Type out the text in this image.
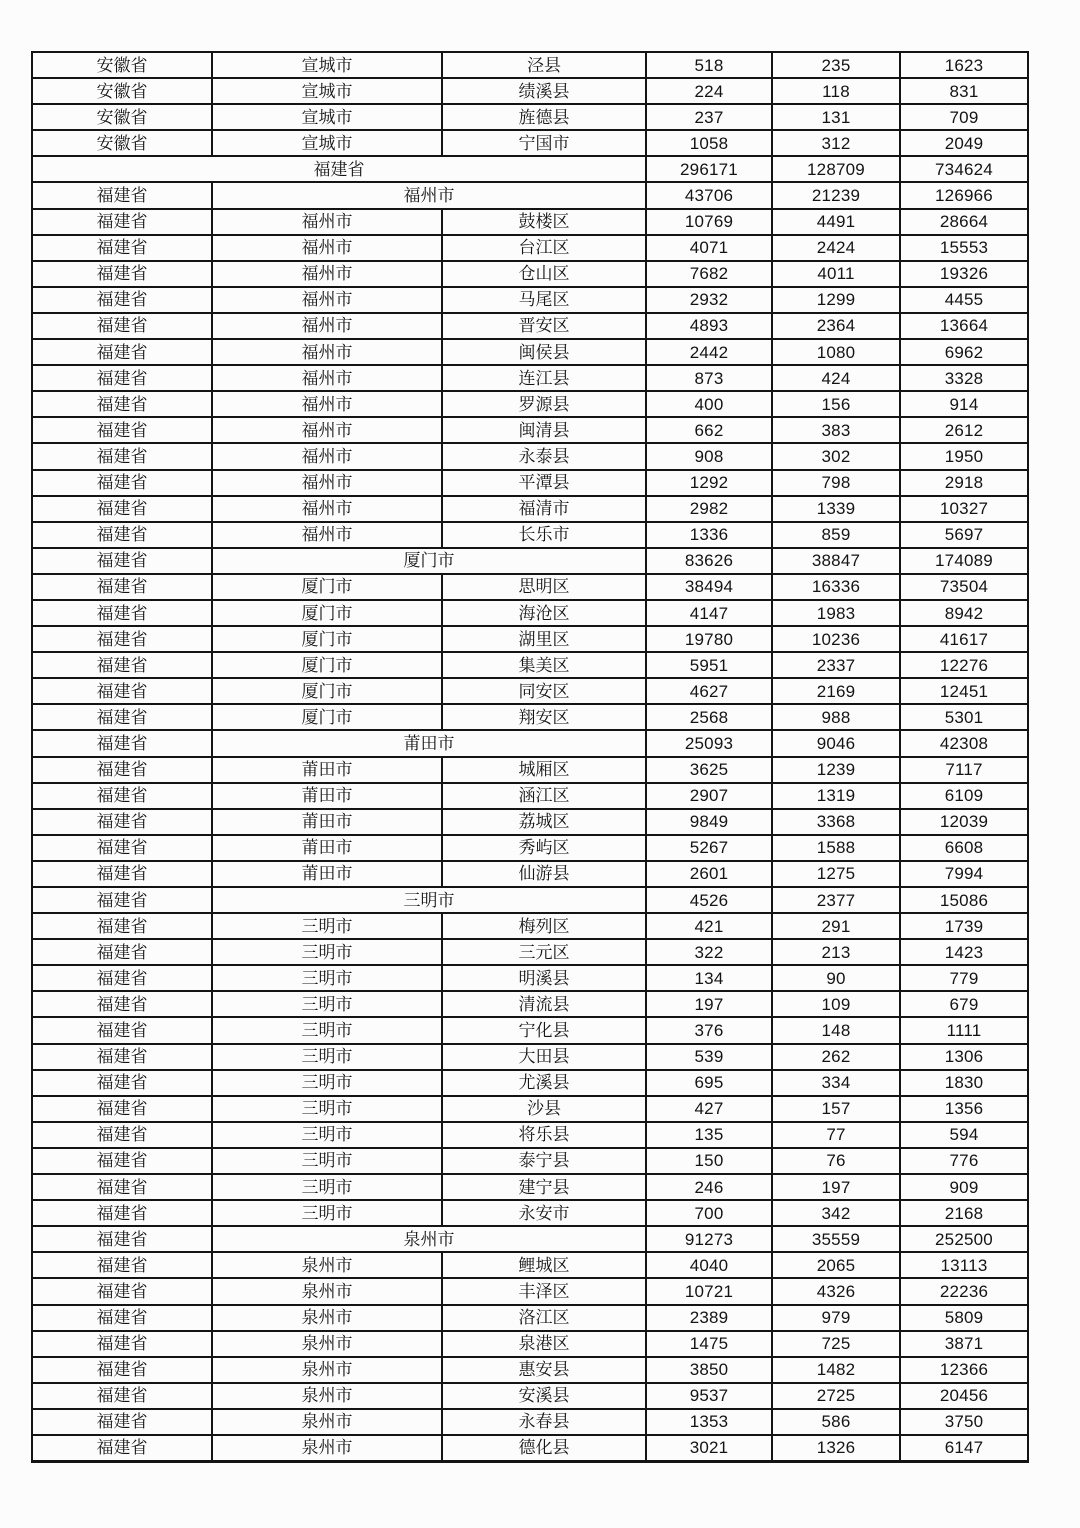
安徽省	宣城市	泾县	518	235	1623
安徽省	宣城市	绩溪县	224	118	831
安徽省	宣城市	旌德县	237	131	709
安徽省	宣城市	宁国市	1058	312	2049
福建省			296171	128709	734624
福建省	福州市		43706	21239	126966
福建省	福州市	鼓楼区	10769	4491	28664
福建省	福州市	台江区	4071	2424	15553
福建省	福州市	仓山区	7682	4011	19326
福建省	福州市	马尾区	2932	1299	4455
福建省	福州市	晋安区	4893	2364	13664
福建省	福州市	闽侯县	2442	1080	6962
福建省	福州市	连江县	873	424	3328
福建省	福州市	罗源县	400	156	914
福建省	福州市	闽清县	662	383	2612
福建省	福州市	永泰县	908	302	1950
福建省	福州市	平潭县	1292	798	2918
福建省	福州市	福清市	2982	1339	10327
福建省	福州市	长乐市	1336	859	5697
福建省	厦门市		83626	38847	174089
福建省	厦门市	思明区	38494	16336	73504
福建省	厦门市	海沧区	4147	1983	8942
福建省	厦门市	湖里区	19780	10236	41617
福建省	厦门市	集美区	5951	2337	12276
福建省	厦门市	同安区	4627	2169	12451
福建省	厦门市	翔安区	2568	988	5301
福建省	莆田市		25093	9046	42308
福建省	莆田市	城厢区	3625	1239	7117
福建省	莆田市	涵江区	2907	1319	6109
福建省	莆田市	荔城区	9849	3368	12039
福建省	莆田市	秀屿区	5267	1588	6608
福建省	莆田市	仙游县	2601	1275	7994
福建省	三明市		4526	2377	15086
福建省	三明市	梅列区	421	291	1739
福建省	三明市	三元区	322	213	1423
福建省	三明市	明溪县	134	90	779
福建省	三明市	清流县	197	109	679
福建省	三明市	宁化县	376	148	1111
福建省	三明市	大田县	539	262	1306
福建省	三明市	尤溪县	695	334	1830
福建省	三明市	沙县	427	157	1356
福建省	三明市	将乐县	135	77	594
福建省	三明市	泰宁县	150	76	776
福建省	三明市	建宁县	246	197	909
福建省	三明市	永安市	700	342	2168
福建省	泉州市		91273	35559	252500
福建省	泉州市	鲤城区	4040	2065	13113
福建省	泉州市	丰泽区	10721	4326	22236
福建省	泉州市	洛江区	2389	979	5809
福建省	泉州市	泉港区	1475	725	3871
福建省	泉州市	惠安县	3850	1482	12366
福建省	泉州市	安溪县	9537	2725	20456
福建省	泉州市	永春县	1353	586	3750
福建省	泉州市	德化县	3021	1326	6147
